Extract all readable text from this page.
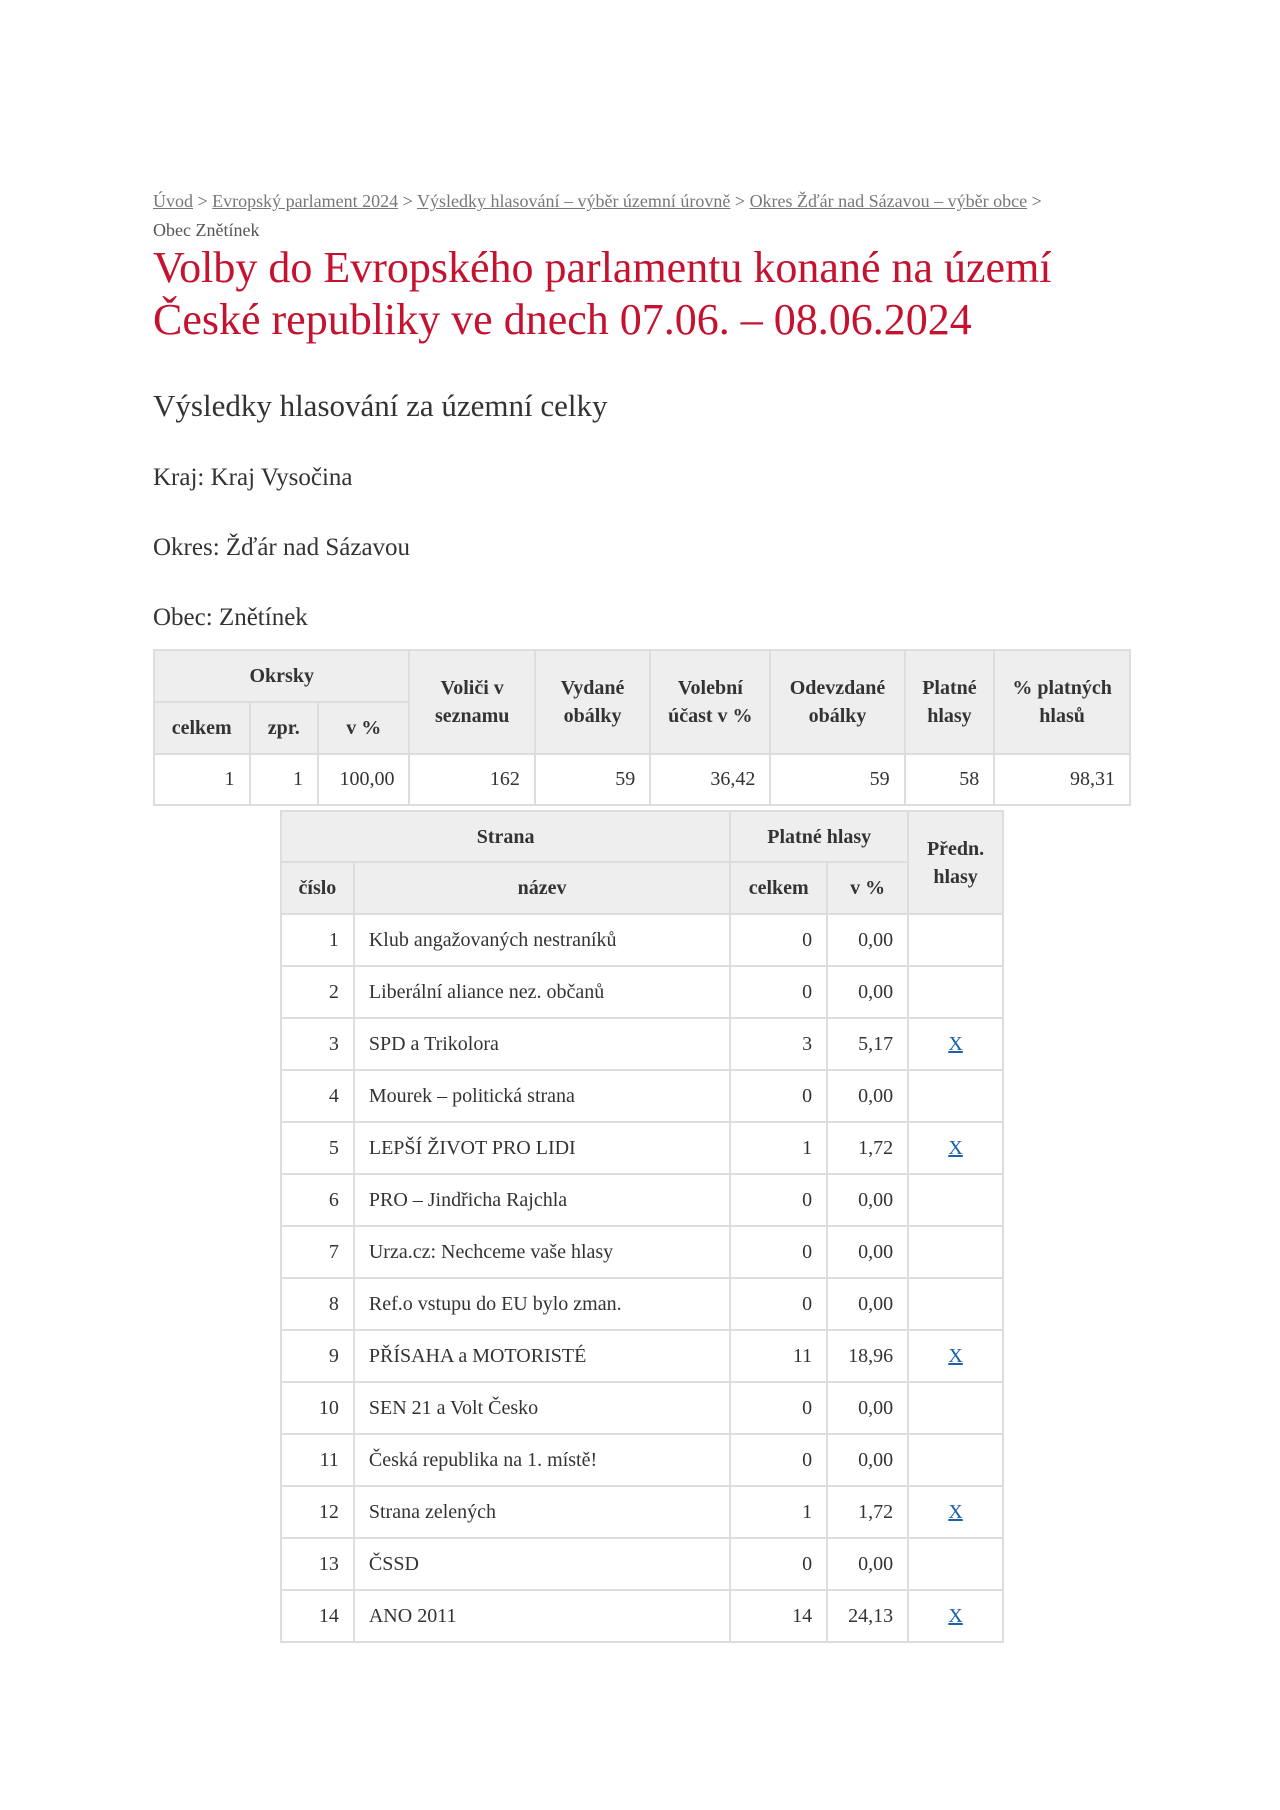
Úvod > Evropský parlament 2024 > Výsledky hlasování – výběr územní úrovně > Okres Žďár nad Sázavou – výběr obce >
Obec Znětínek
Volby do Evropského parlamentu konané na území České republiky ve dnech 07.06. – 08.06.2024
Výsledky hlasování za územní celky

Kraj: Kraj Vysočina

Okres: Žďár nad Sázavou

Obec: Znětínek

Okrsky			Voliči v seznamu	Vydané obálky	Volební účast v %	Odevzdané obálky	Platné hlasy	% platných hlasů
celkem	zpr.	v %						
1	1	100,00	162	59	36,42	59	58	98,31
Strana		Platné hlasy		Předn. hlasy
číslo	název	celkem	v %	
1	Klub angažovaných nestraníků	0	0,00	
2	Liberální aliance nez. občanů	0	0,00	
3	SPD a Trikolora	3	5,17	X
4	Mourek – politická strana	0	0,00	
5	LEPŠÍ ŽIVOT PRO LIDI	1	1,72	X
6	PRO – Jindřicha Rajchla	0	0,00	
7	Urza.cz: Nechceme vaše hlasy	0	0,00	
8	Ref.o vstupu do EU bylo zman.	0	0,00	
9	PŘÍSAHA a MOTORISTÉ	11	18,96	X
10	SEN 21 a Volt Česko	0	0,00	
11	Česká republika na 1. místě!	0	0,00	
12	Strana zelených	1	1,72	X
13	ČSSD	0	0,00	
14	ANO 2011	14	24,13	X
